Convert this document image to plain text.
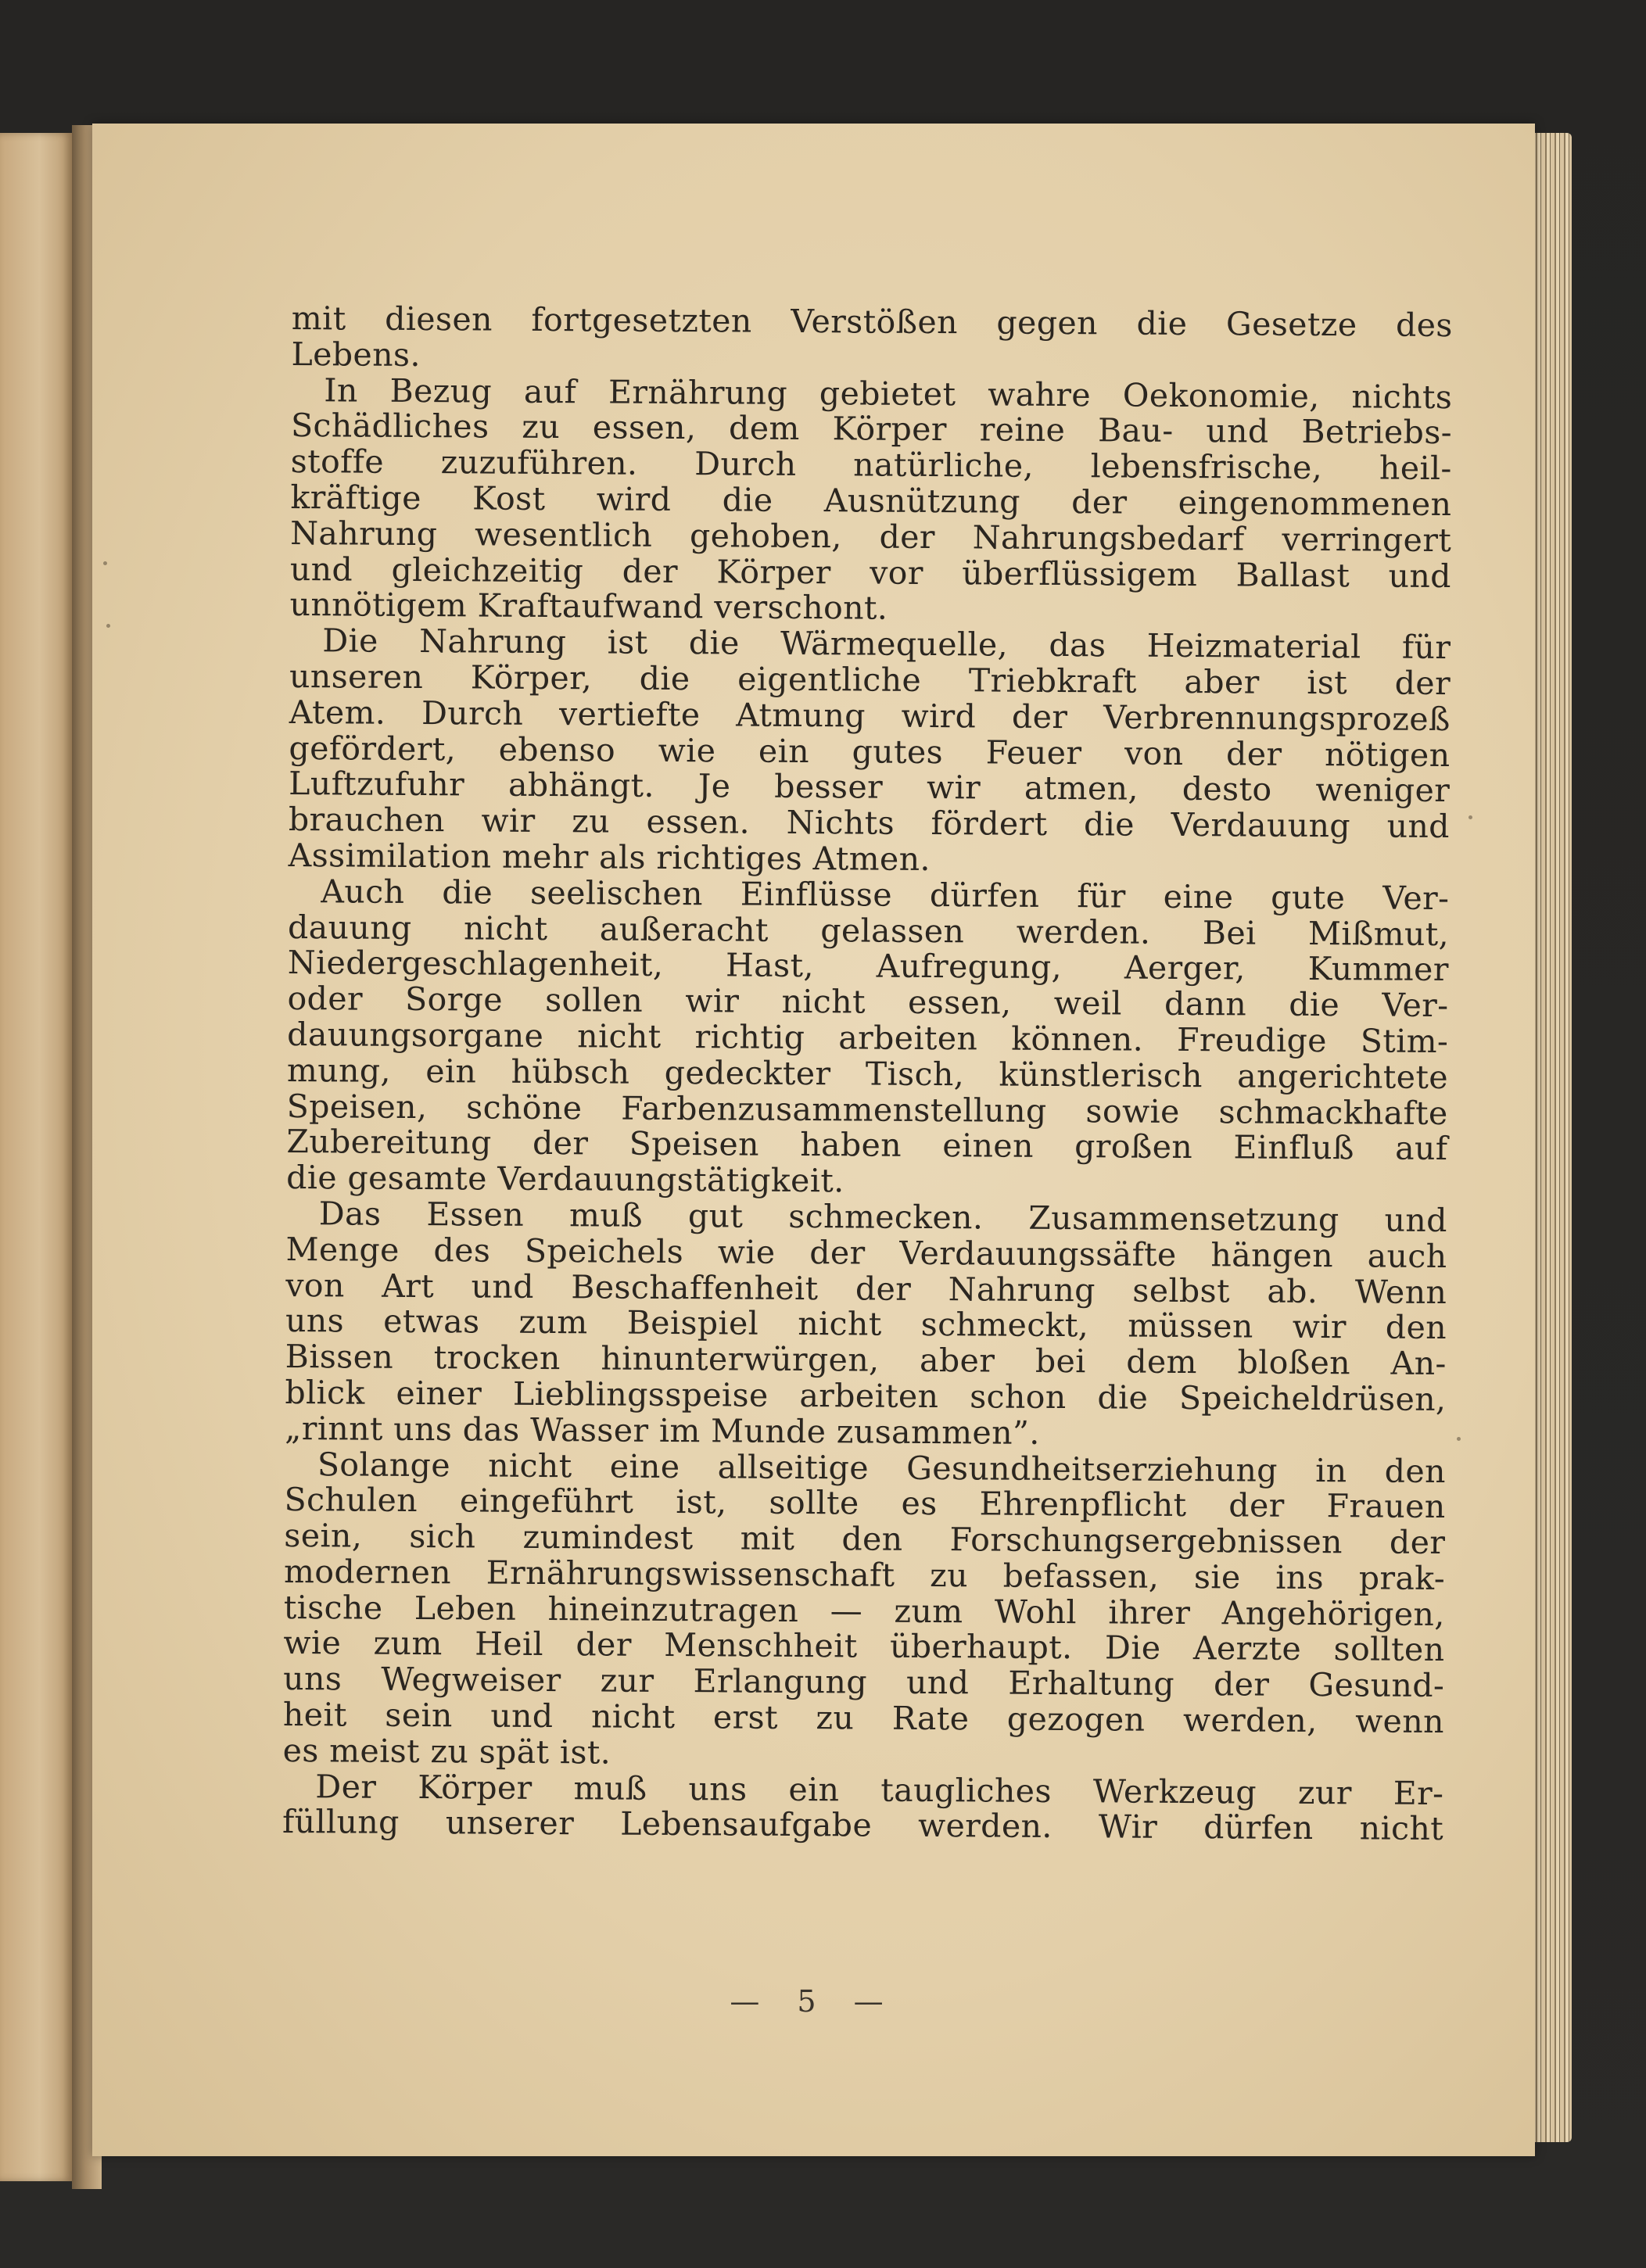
mit diesen fortgesetzten Verstößen gegen die Gesetze des
Lebens.
In Bezug auf Ernährung gebietet wahre Oekonomie, nichts
Schädliches zu essen, dem Körper reine Bau- und Betriebs-
stoffe zuzuführen. Durch natürliche, lebensfrische, heil-
kräftige Kost wird die Ausnützung der eingenommenen
Nahrung wesentlich gehoben, der Nahrungsbedarf verringert
und gleichzeitig der Körper vor überflüssigem Ballast und
unnötigem Kraftaufwand verschont.
Die Nahrung ist die Wärmequelle, das Heizmaterial für
unseren Körper, die eigentliche Triebkraft aber ist der
Atem. Durch vertiefte Atmung wird der Verbrennungsprozeß
gefördert, ebenso wie ein gutes Feuer von der nötigen
Luftzufuhr abhängt. Je besser wir atmen, desto weniger
brauchen wir zu essen. Nichts fördert die Verdauung und
Assimilation mehr als richtiges Atmen.
Auch die seelischen Einflüsse dürfen für eine gute Ver-
dauung nicht außeracht gelassen werden. Bei Mißmut,
Niedergeschlagenheit, Hast, Aufregung, Aerger, Kummer
oder Sorge sollen wir nicht essen, weil dann die Ver-
dauungsorgane nicht richtig arbeiten können. Freudige Stim-
mung, ein hübsch gedeckter Tisch, künstlerisch angerichtete
Speisen, schöne Farbenzusammenstellung sowie schmackhafte
Zubereitung der Speisen haben einen großen Einfluß auf
die gesamte Verdauungstätigkeit.
Das Essen muß gut schmecken. Zusammensetzung und
Menge des Speichels wie der Verdauungssäfte hängen auch
von Art und Beschaffenheit der Nahrung selbst ab. Wenn
uns etwas zum Beispiel nicht schmeckt, müssen wir den
Bissen trocken hinunterwürgen, aber bei dem bloßen An-
blick einer Lieblingsspeise arbeiten schon die Speicheldrüsen,
„rinnt uns das Wasser im Munde zusammen”.
Solange nicht eine allseitige Gesundheitserziehung in den
Schulen eingeführt ist, sollte es Ehrenpflicht der Frauen
sein, sich zumindest mit den Forschungsergebnissen der
modernen Ernährungswissenschaft zu befassen, sie ins prak-
tische Leben hineinzutragen — zum Wohl ihrer Angehörigen,
wie zum Heil der Menschheit überhaupt. Die Aerzte sollten
uns Wegweiser zur Erlangung und Erhaltung der Gesund-
heit sein und nicht erst zu Rate gezogen werden, wenn
es meist zu spät ist.
Der Körper muß uns ein taugliches Werkzeug zur Er-
füllung unserer Lebensaufgabe werden. Wir dürfen nicht
— 5 —
